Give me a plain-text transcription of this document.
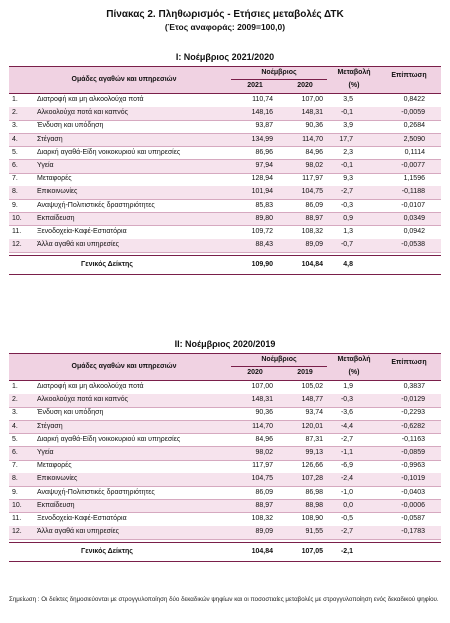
Πίνακας 2. Πληθωρισμός - Ετήσιες μεταβολές ΔΤΚ
(Έτος αναφοράς: 2009=100,0)
Ι: Νοέμβριος 2021/2020
Ομάδες αγαθών και υπηρεσιών
Νοέμβριος
2021	2020
Μεταβολή
(%)
Επίπτωση
1.	Διατροφή και μη αλκοολούχα ποτά	110,74	107,00	3,5	0,8422
2.	Αλκοολούχα ποτά και καπνός	148,16	148,31	-0,1	-0,0059
3.	Ένδυση και υπόδηση	93,87	90,36	3,9	0,2684
4.	Στέγαση	134,99	114,70	17,7	2,5090
5.	Διαρκή αγαθά-Είδη νοικοκυριού και υπηρεσίες	86,96	84,96	2,3	0,1114
6.	Υγεία	97,94	98,02	-0,1	-0,0077
7.	Μεταφορές	128,94	117,97	9,3	1,1596
8.	Επικοινωνίες	101,94	104,75	-2,7	-0,1188
9.	Αναψυχή-Πολιτιστικές δραστηριότητες	85,83	86,09	-0,3	-0,0107
10. Εκπαίδευση	89,80	88,97	0,9	0,0349
11. Ξενοδοχεία-Καφέ-Εστιατόρια	109,72	108,32	1,3	0,0942
12. Άλλα αγαθά και υπηρεσίες	88,43	89,09	-0,7	-0,0538
Γενικός Δείκτης	109,90	104,84	4,8
ΙΙ: Νοέμβριος 2020/2019
Ομάδες αγαθών και υπηρεσιών
Νοέμβριος
2020	2019
Μεταβολή
(%)
Επίπτωση
1.	Διατροφή και μη αλκοολούχα ποτά	107,00	105,02	1,9	0,3837
2.	Αλκοολούχα ποτά και καπνός	148,31	148,77	-0,3	-0,0129
3.	Ένδυση και υπόδηση	90,36	93,74	-3,6	-0,2293
4.	Στέγαση	114,70	120,01	-4,4	-0,6282
5.	Διαρκή αγαθά-Είδη νοικοκυριού και υπηρεσίες	84,96	87,31	-2,7	-0,1163
6.	Υγεία	98,02	99,13	-1,1	-0,0859
7.	Μεταφορές	117,97	126,66	-6,9	-0,9963
8.	Επικοινωνίες	104,75	107,28	-2,4	-0,1019
9.	Αναψυχή-Πολιτιστικές δραστηριότητες	86,09	86,98	-1,0	-0,0403
10. Εκπαίδευση	88,97	88,98	0,0	-0,0006
11. Ξενοδοχεία-Καφέ-Εστιατόρια	108,32	108,90	-0,5	-0,0587
12. Άλλα αγαθά και υπηρεσίες	89,09	91,55	-2,7	-0,1783
Γενικός Δείκτης	104,84	107,05	-2,1
Σημείωση : Οι δείκτες δημοσιεύονται με στρογγυλοποίηση δύο δεκαδικών ψηφίων και οι ποσοστιαίες μεταβολές με στρογγυλοποίηση ενός δεκαδικού ψηφίου.
